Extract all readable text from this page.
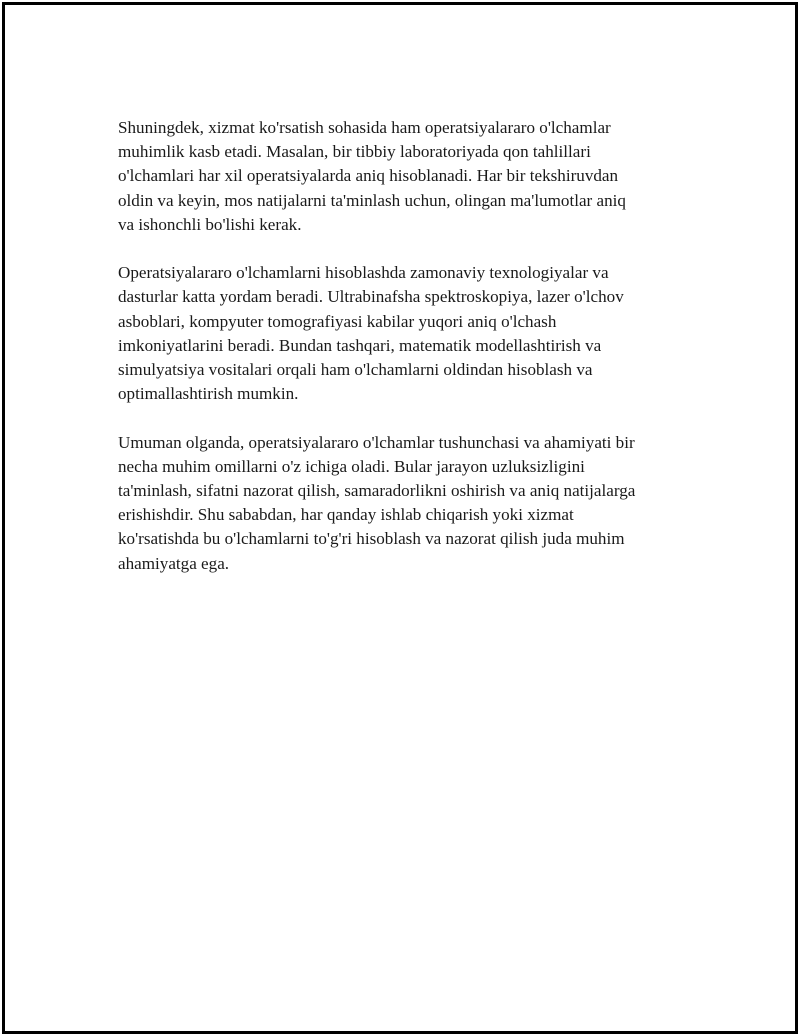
Shuningdek, xizmat ko'rsatish sohasida ham operatsiyalararo o'lchamlar
muhimlik kasb etadi. Masalan, bir tibbiy laboratoriyada qon tahlillari
o'lchamlari har xil operatsiyalarda aniq hisoblanadi. Har bir tekshiruvdan
oldin va keyin, mos natijalarni ta'minlash uchun, olingan ma'lumotlar aniq
va ishonchli bo'lishi kerak.

Operatsiyalararo o'lchamlarni hisoblashda zamonaviy texnologiyalar va
dasturlar katta yordam beradi. Ultrabinafsha spektroskopiya, lazer o'lchov
asboblari, kompyuter tomografiyasi kabilar yuqori aniq o'lchash
imkoniyatlarini beradi. Bundan tashqari, matematik modellashtirish va
simulyatsiya vositalari orqali ham o'lchamlarni oldindan hisoblash va
optimallashtirish mumkin.

Umuman olganda, operatsiyalararo o'lchamlar tushunchasi va ahamiyati bir
necha muhim omillarni o'z ichiga oladi. Bular jarayon uzluksizligini
ta'minlash, sifatni nazorat qilish, samaradorlikni oshirish va aniq natijalarga
erishishdir. Shu sababdan, har qanday ishlab chiqarish yoki xizmat
ko'rsatishda bu o'lchamlarni to'g'ri hisoblash va nazorat qilish juda muhim
ahamiyatga ega.
